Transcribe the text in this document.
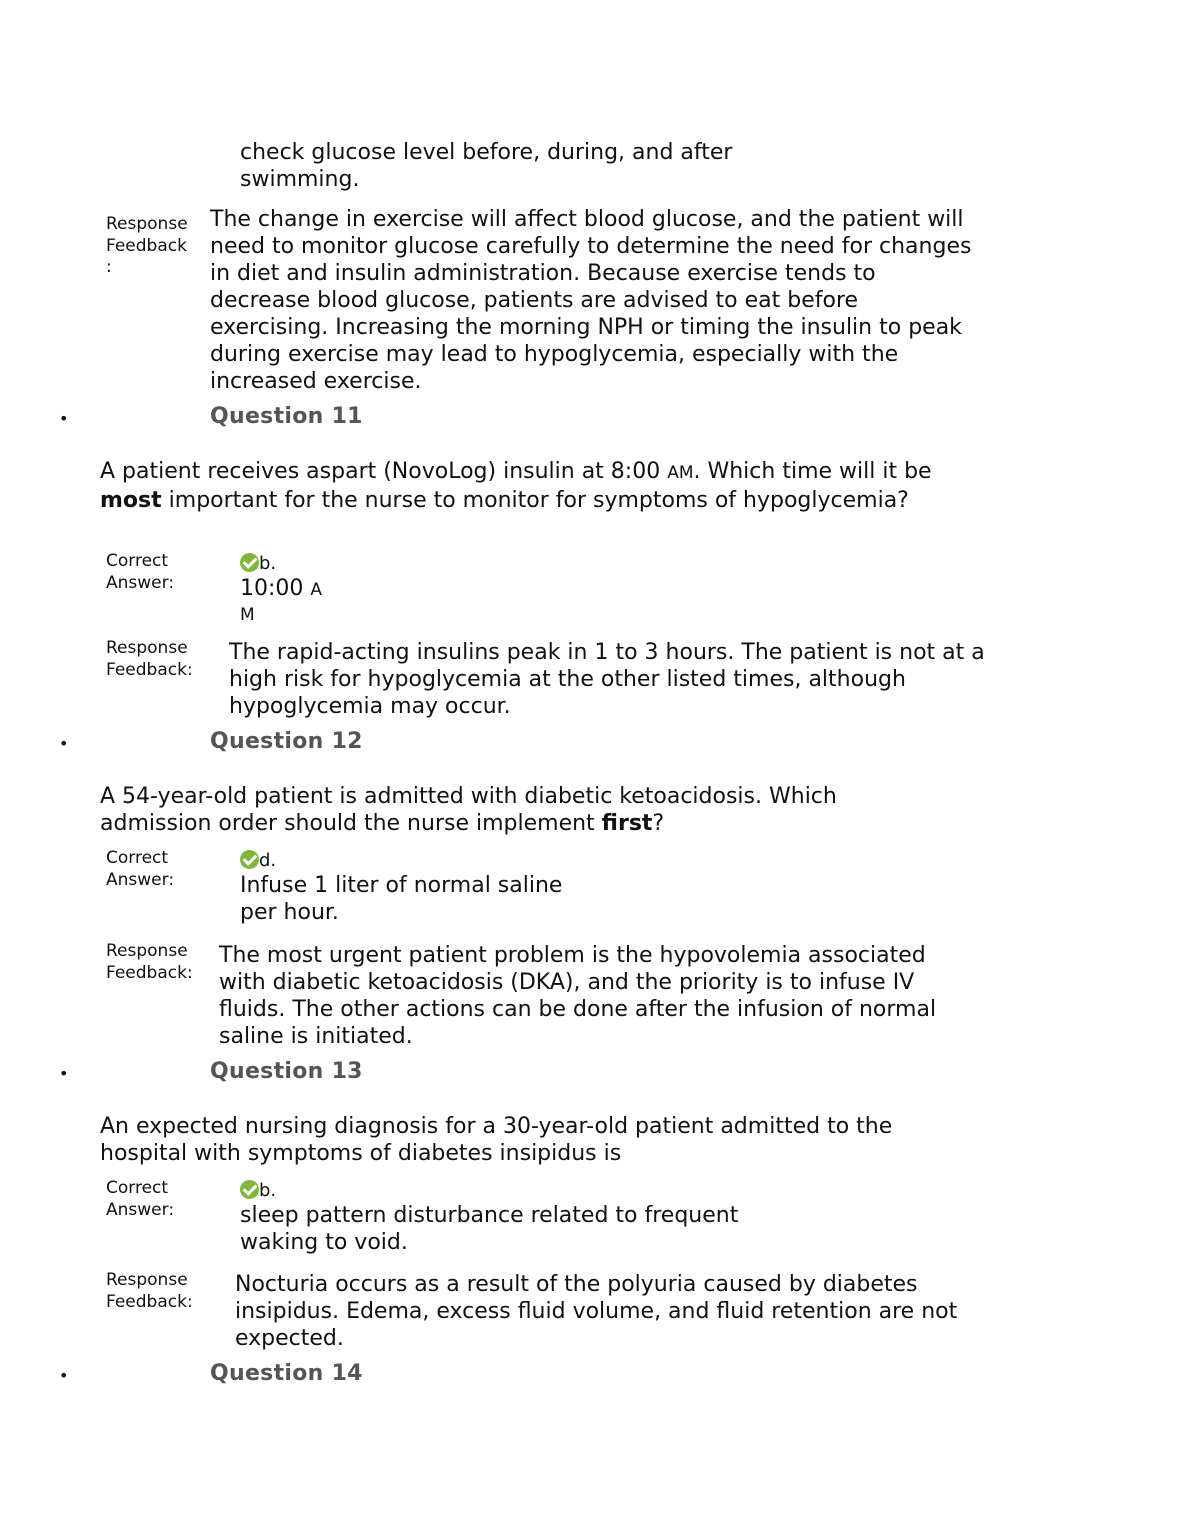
check glucose level before, during, and after swimming.
Response
Feedback
:
The change in exercise will affect blood glucose, and the patient will need to monitor glucose carefully to determine the need for changes in diet and insulin administration. Because exercise tends to decrease blood glucose, patients are advised to eat before exercising. Increasing the morning NPH or timing the insulin to peak during exercise may lead to hypoglycemia, especially with the increased exercise.
•	Question 11
A patient receives aspart (NovoLog) insulin at 8:00 AM. Which time will it be most important for the nurse to monitor for symptoms of hypoglycemia?
Correct
Answer:
b.
10:00 A
M
Response
Feedback:
The rapid-acting insulins peak in 1 to 3 hours. The patient is not at a high risk for hypoglycemia at the other listed times, although hypoglycemia may occur.
•	Question 12
A 54-year-old patient is admitted with diabetic ketoacidosis. Which admission order should the nurse implement first?
Correct
Answer:
d.
Infuse 1 liter of normal saline per hour.
Response
Feedback:
The most urgent patient problem is the hypovolemia associated with diabetic ketoacidosis (DKA), and the priority is to infuse IV fluids. The other actions can be done after the infusion of normal saline is initiated.
•	Question 13
An expected nursing diagnosis for a 30-year-old patient admitted to the hospital with symptoms of diabetes insipidus is
Correct
Answer:
b.
sleep pattern disturbance related to frequent waking to void.
Response
Feedback:
Nocturia occurs as a result of the polyuria caused by diabetes insipidus. Edema, excess fluid volume, and fluid retention are not expected.
•	Question 14
